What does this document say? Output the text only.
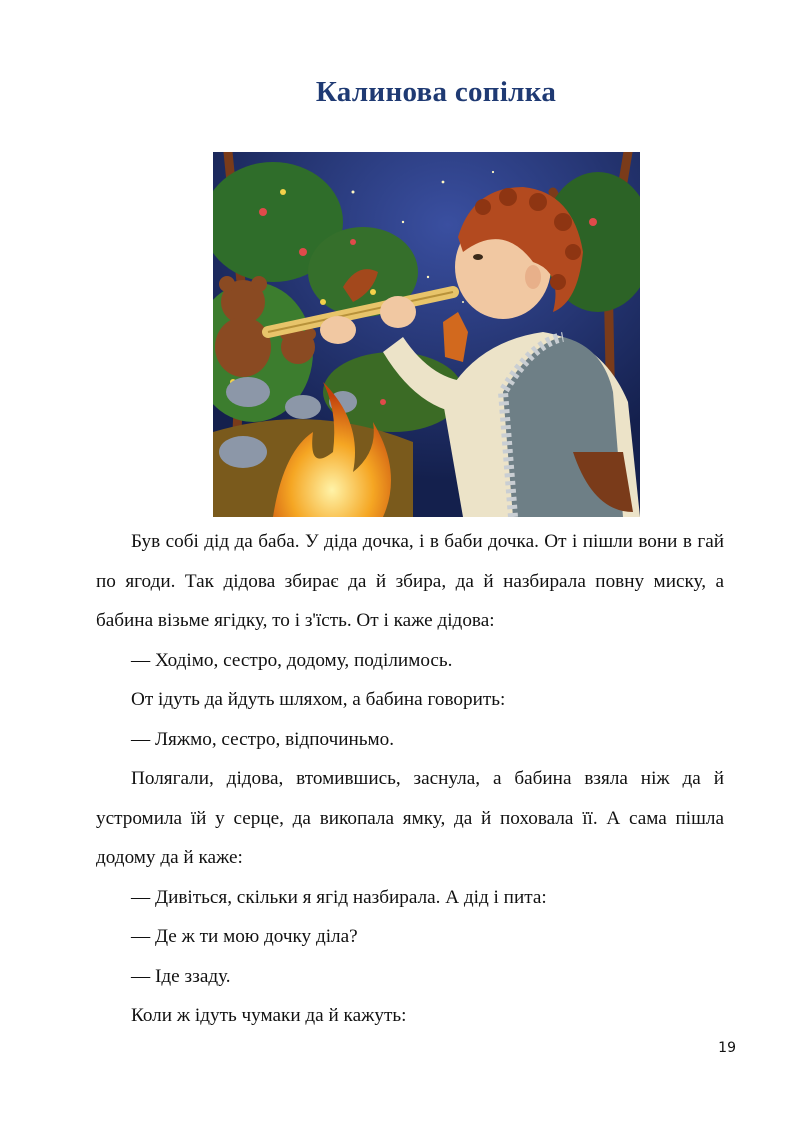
Калинова сопілка

Був собі дід да баба. У діда дочка, і в баби дочка. От і пішли вони в гай по ягоди. Так дідова збирає да й збира, да й назбирала повну миску, а бабина візьме ягідку, то і з'їсть. От і каже дідова:

— Ходімо, сестро, додому, поділимось.

От ідуть да йдуть шляхом, а бабина говорить:

— Ляжмо, сестро, відпочиньмо.

Полягали, дідова, втомившись, заснула, а бабина взяла ніж да й устромила їй у серце, да викопала ямку, да й поховала її. А сама пішла додому да й каже:

— Дивіться, скільки я ягід назбирала. А дід і пита:

— Де ж ти мою дочку діла?

— Іде ззаду.

Коли ж ідуть чумаки да й кажуть:

19
